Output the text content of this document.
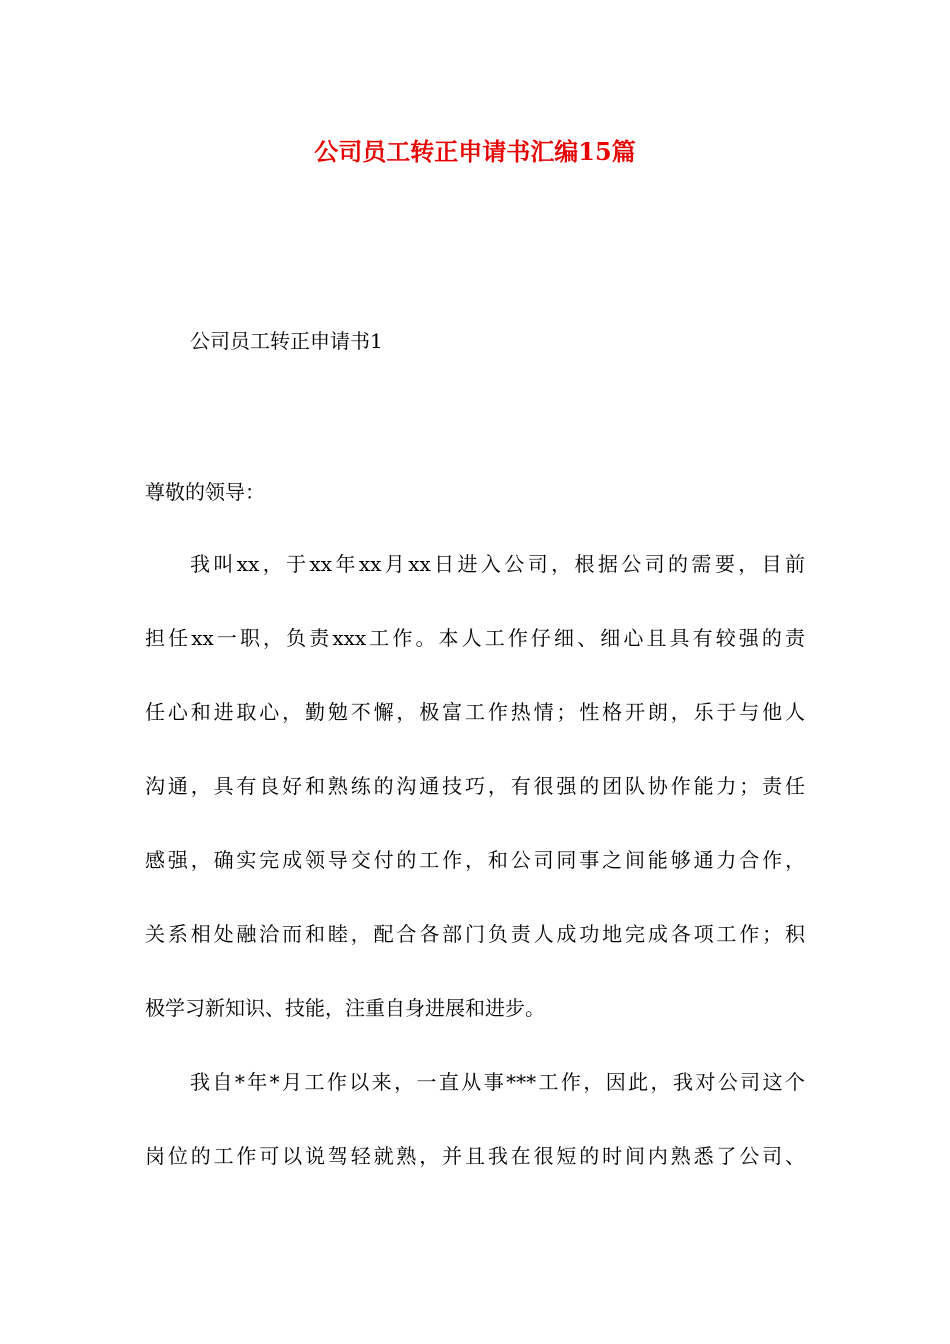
公司员工转正申请书汇编15篇

公司员工转正申请书1

尊敬的领导：

我叫xx，于xx年xx月xx日进入公司，根据公司的需要，目前
担任xx一职，负责xxx工作。本人工作仔细、细心且具有较强的责
任心和进取心，勤勉不懈，极富工作热情；性格开朗，乐于与他人
沟通，具有良好和熟练的沟通技巧，有很强的团队协作能力；责任
感强，确实完成领导交付的工作，和公司同事之间能够通力合作，
关系相处融洽而和睦，配合各部门负责人成功地完成各项工作；积
极学习新知识、技能，注重自身进展和进步。

我自*年*月工作以来，一直从事***工作，因此，我对公司这个
岗位的工作可以说驾轻就熟，并且我在很短的时间内熟悉了公司、
